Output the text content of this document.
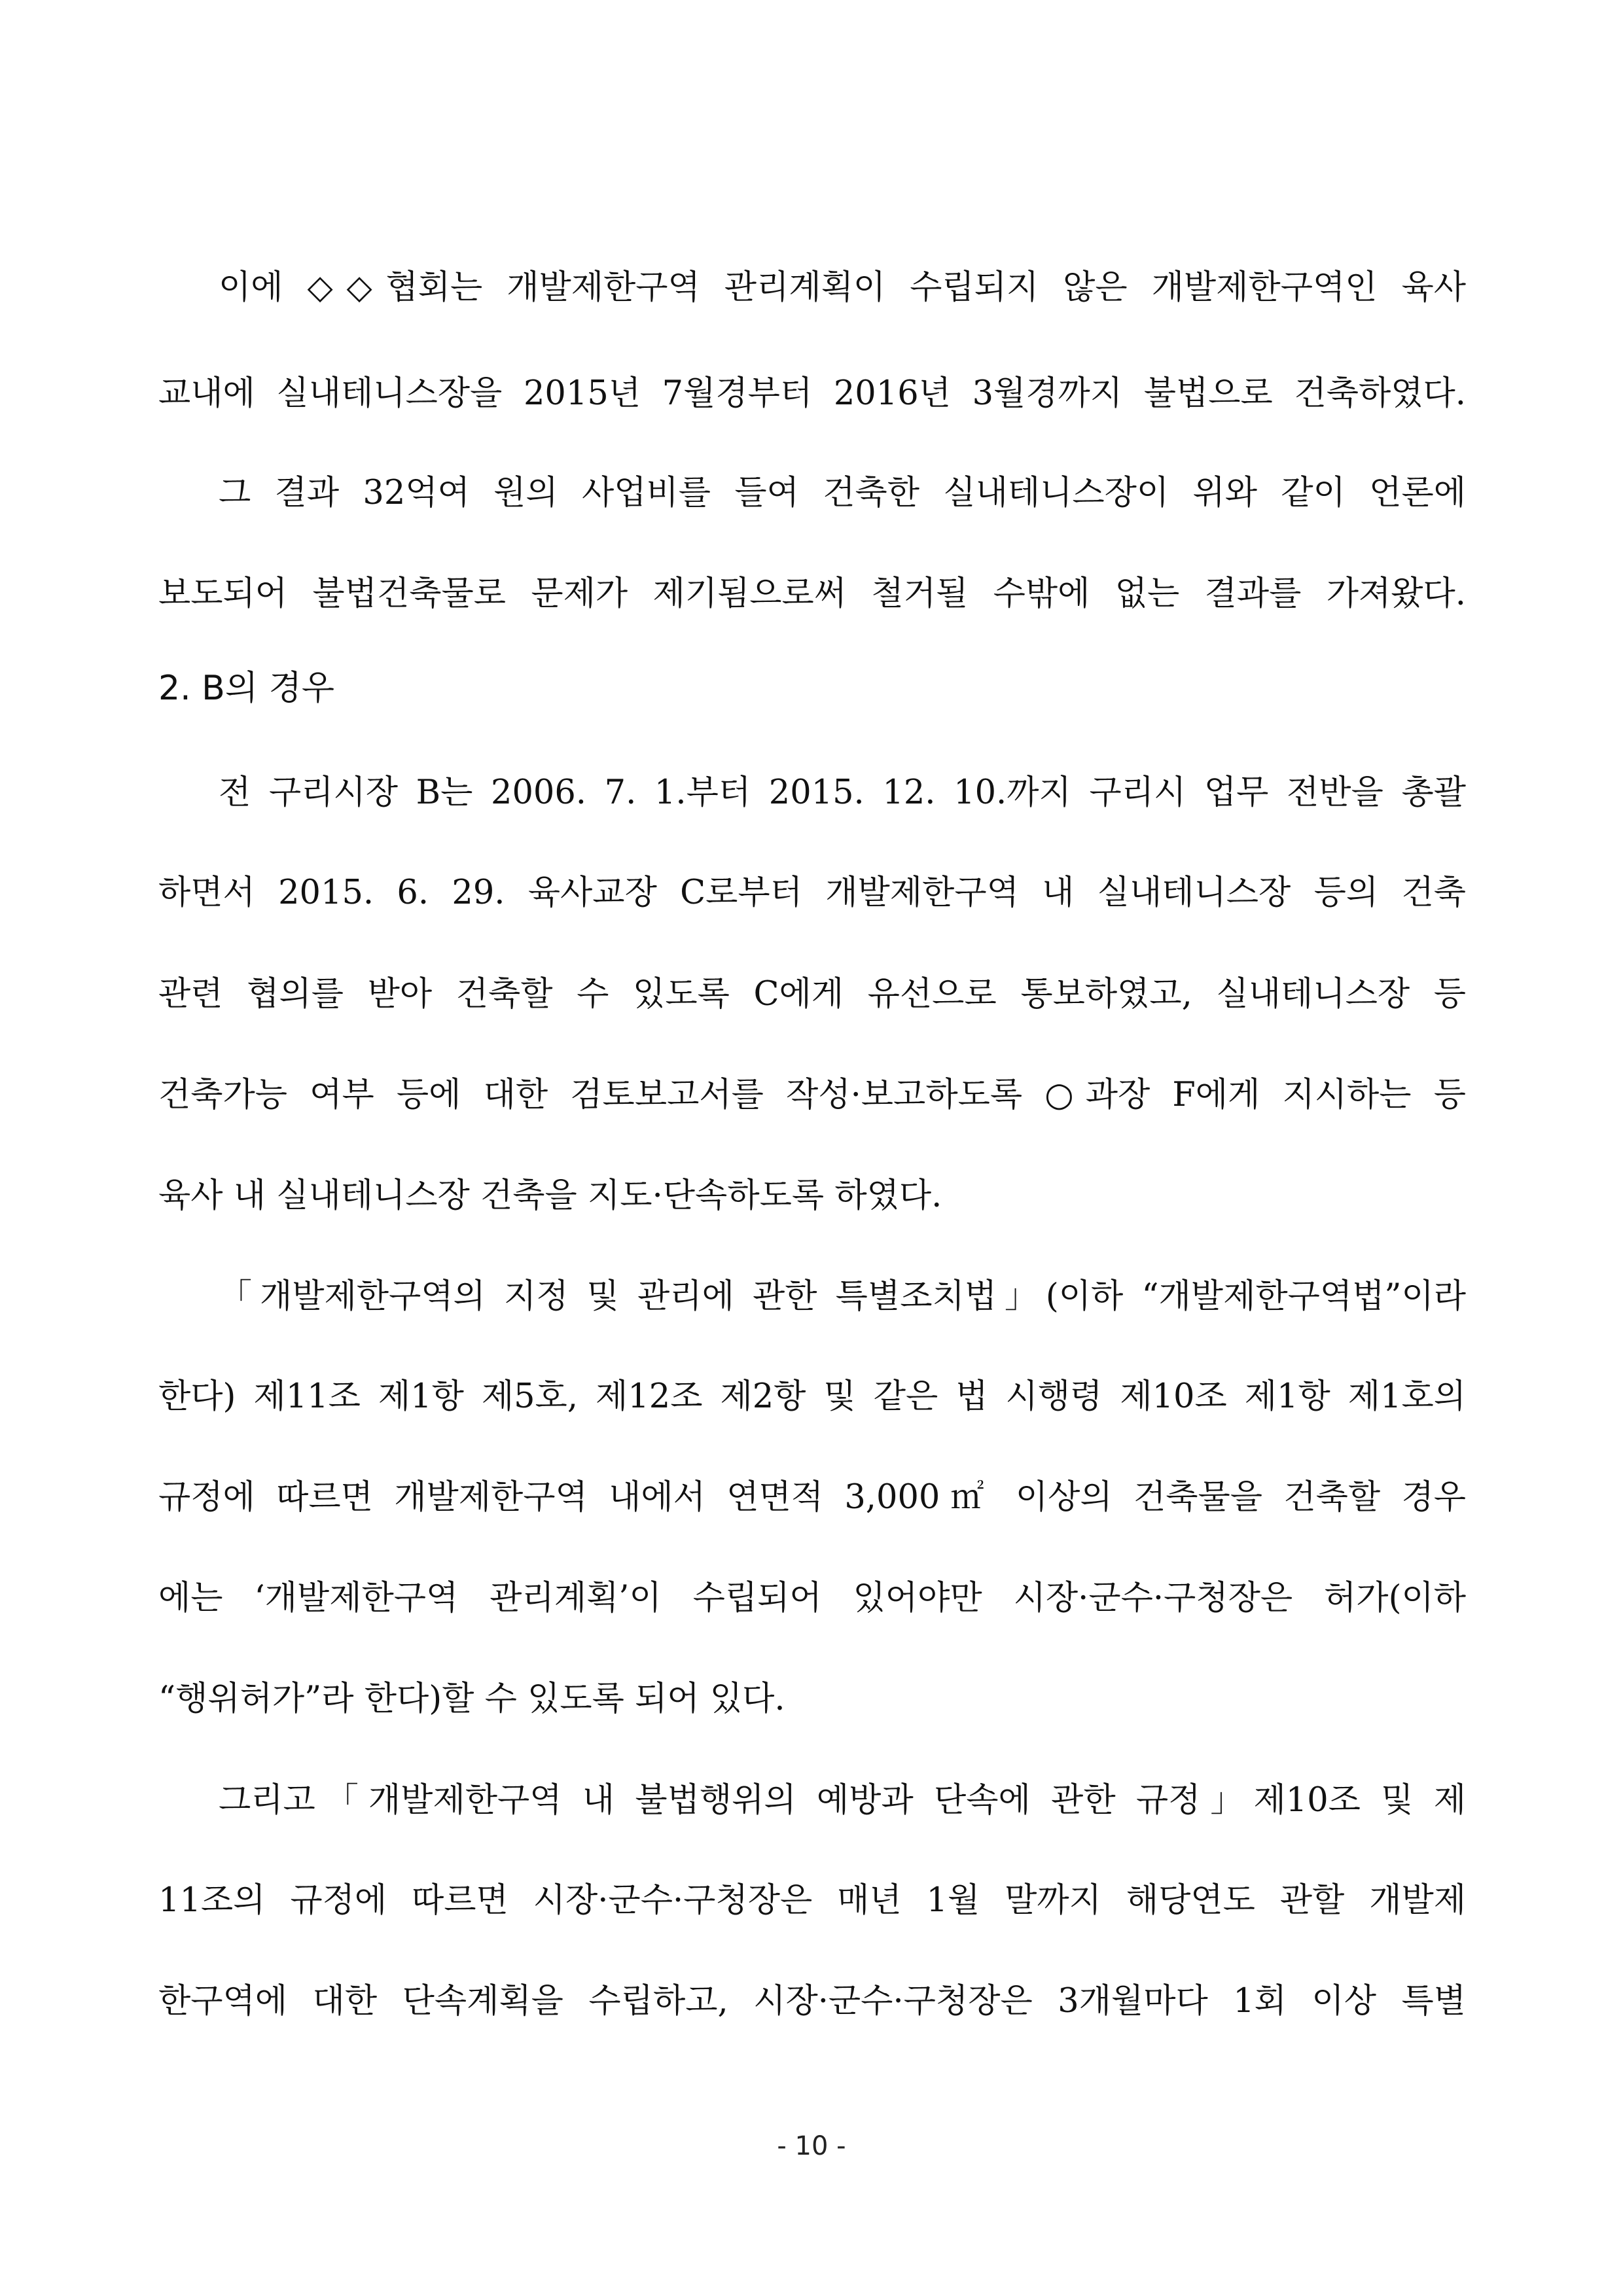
이에 ◇◇협회는 개발제한구역 관리계획이 수립되지 않은 개발제한구역인 육사
교내에 실내테니스장을 2015년 7월경부터 2016년 3월경까지 불법으로 건축하였다.
그 결과 32억여 원의 사업비를 들여 건축한 실내테니스장이 위와 같이 언론에
보도되어 불법건축물로 문제가 제기됨으로써 철거될 수밖에 없는 결과를 가져왔다.
2. B의 경우
전 구리시장 B는 2006. 7. 1.부터 2015. 12. 10.까지 구리시 업무 전반을 총괄
하면서 2015. 6. 29. 육사교장 C로부터 개발제한구역 내 실내테니스장 등의 건축
관련 협의를 받아 건축할 수 있도록 C에게 유선으로 통보하였고, 실내테니스장 등
건축가능 여부 등에 대한 검토보고서를 작성·보고하도록 ○과장 F에게 지시하는 등
육사 내 실내테니스장 건축을 지도·단속하도록 하였다.
「개발제한구역의 지정 및 관리에 관한 특별조치법」(이하 “개발제한구역법”이라
한다) 제11조 제1항 제5호, 제12조 제2항 및 같은 법 시행령 제10조 제1항 제1호의
규정에 따르면 개발제한구역 내에서 연면적 3,000㎡ 이상의 건축물을 건축할 경우
에는 ‘개발제한구역 관리계획’이 수립되어 있어야만 시장·군수·구청장은 허가(이하
“행위허가”라 한다)할 수 있도록 되어 있다.
그리고「개발제한구역 내 불법행위의 예방과 단속에 관한 규정」제10조 및 제
11조의 규정에 따르면 시장·군수·구청장은 매년 1월 말까지 해당연도 관할 개발제
한구역에 대한 단속계획을 수립하고, 시장·군수·구청장은 3개월마다 1회 이상 특별
- 10 -
